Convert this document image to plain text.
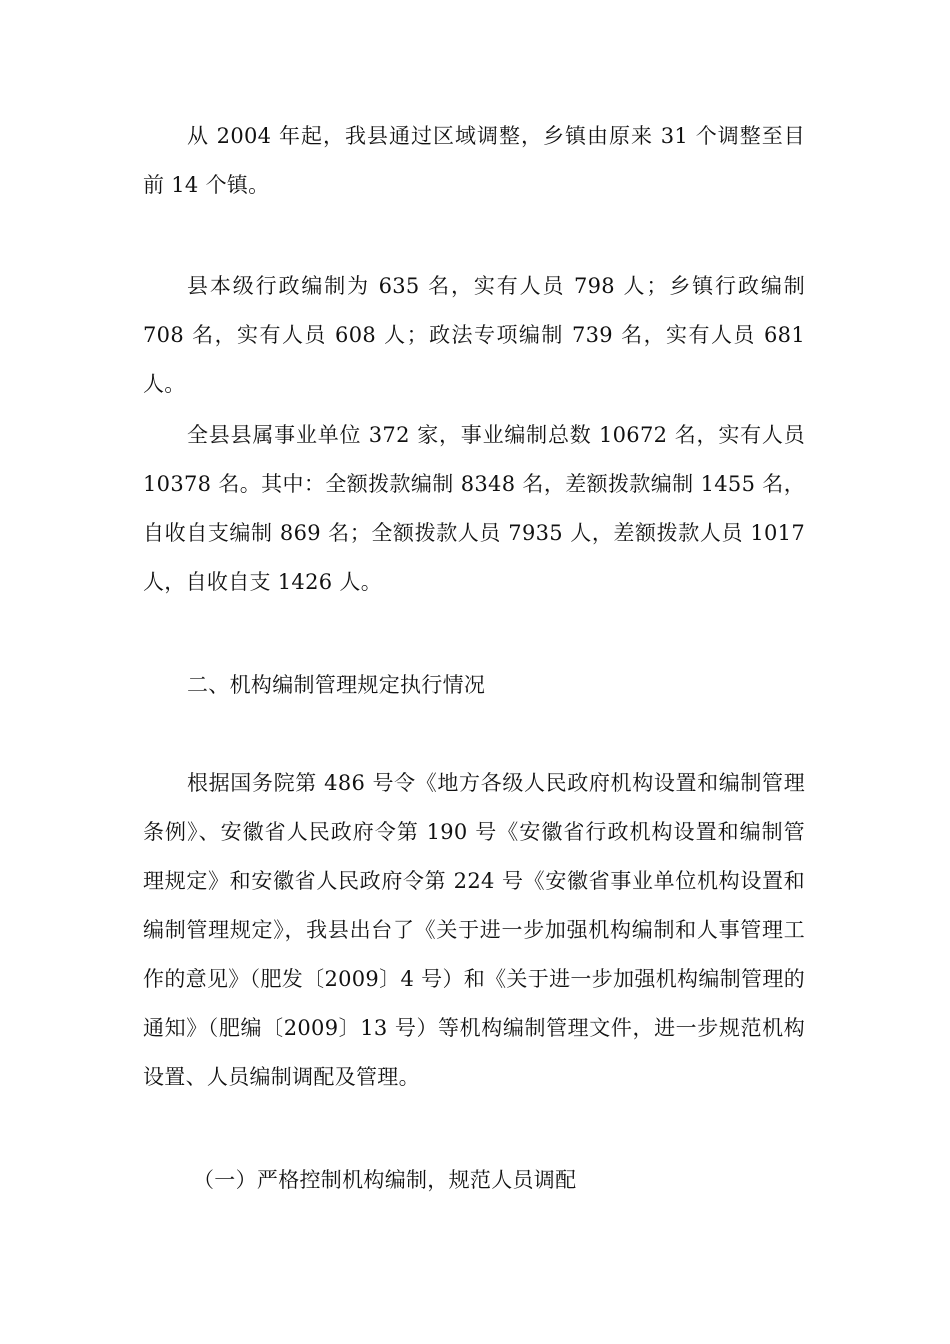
从 2004 年起，我县通过区域调整，乡镇由原来 31 个调整至目前 14 个镇。

县本级行政编制为 635 名，实有人员 798 人；乡镇行政编制 708 名，实有人员 608 人；政法专项编制 739 名，实有人员 681 人。

全县县属事业单位 372 家，事业编制总数 10672 名，实有人员 10378 名。其中：全额拨款编制 8348 名，差额拨款编制 1455 名，自收自支编制 869 名；全额拨款人员 7935 人，差额拨款人员 1017 人，自收自支 1426 人。

二、机构编制管理规定执行情况

根据国务院第 486 号令《地方各级人民政府机构设置和编制管理条例》、安徽省人民政府令第 190 号《安徽省行政机构设置和编制管理规定》和安徽省人民政府令第 224 号《安徽省事业单位机构设置和编制管理规定》，我县出台了《关于进一步加强机构编制和人事管理工作的意见》（肥发〔2009〕4 号）和《关于进一步加强机构编制管理的通知》（肥编〔2009〕13 号）等机构编制管理文件，进一步规范机构设置、人员编制调配及管理。

（一）严格控制机构编制，规范人员调配
